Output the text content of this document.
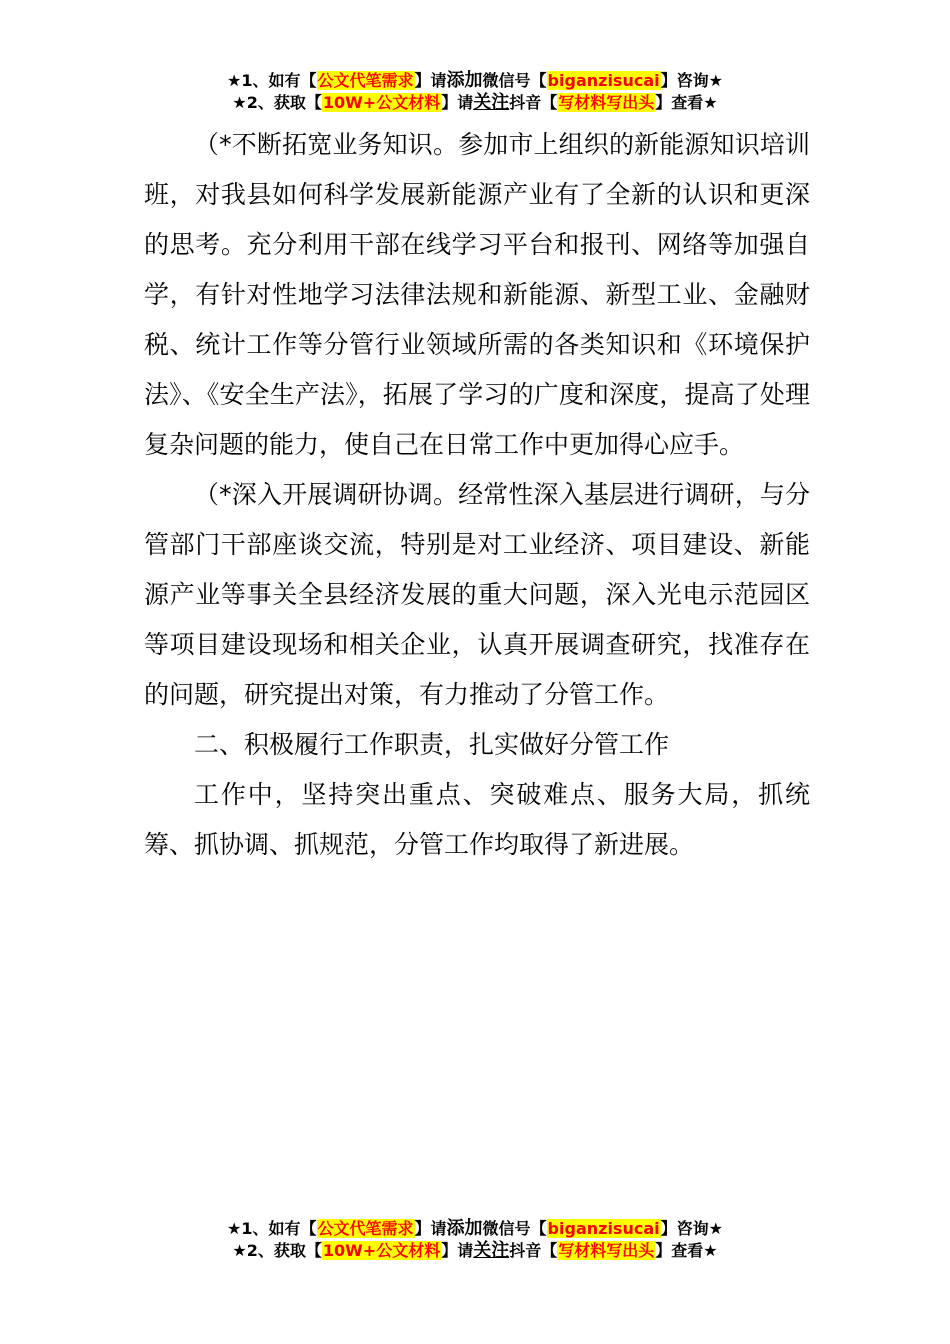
★1、如有【公文代笔需求】请添加微信号【biganzisucai】咨询★
★2、获取【10W+公文材料】请关注抖音【写材料写出头】查看★

（*不断拓宽业务知识。参加市上组织的新能源知识培训班，对我县如何科学发展新能源产业有了全新的认识和更深的思考。充分利用干部在线学习平台和报刊、网络等加强自学，有针对性地学习法律法规和新能源、新型工业、金融财税、统计工作等分管行业领域所需的各类知识和《环境保护法》、《安全生产法》，拓展了学习的广度和深度，提高了处理复杂问题的能力，使自己在日常工作中更加得心应手。

（*深入开展调研协调。经常性深入基层进行调研，与分管部门干部座谈交流，特别是对工业经济、项目建设、新能源产业等事关全县经济发展的重大问题，深入光电示范园区等项目建设现场和相关企业，认真开展调查研究，找准存在的问题，研究提出对策，有力推动了分管工作。

二、积极履行工作职责，扎实做好分管工作

工作中，坚持突出重点、突破难点、服务大局，抓统筹、抓协调、抓规范，分管工作均取得了新进展。

★1、如有【公文代笔需求】请添加微信号【biganzisucai】咨询★
★2、获取【10W+公文材料】请关注抖音【写材料写出头】查看★
